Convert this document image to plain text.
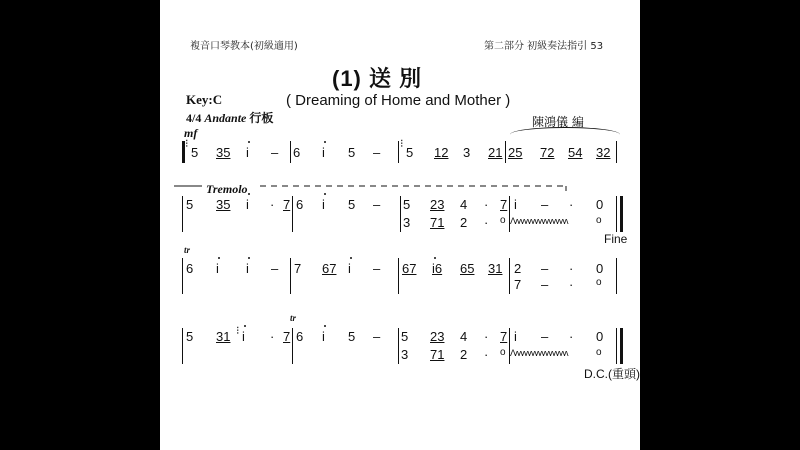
複音口琴教本(初級適用)	第二部分 初級奏法指引 53
(1) 送 別
( Dreaming of Home and Mother )
Key:C
4/4 Andante 行板	陳鴻儀 編
mf
⁝
5 35 i – 6 i 5 –
⁝
5 12 3 21 25 72 54 32
Tremolo
5 35 i · 7 6 i 5 – 5 23 4 · 7 i – · 0
3 71 2 · o Ʌʌʌʌʌʌʌʌʌʌʌʌʌʌʌʌ	o
Fine
tr
6 i i – 7 67 i – 67 i6 65 31 2 – · 0
7 – · o
tr
5 31 ⁝ i · 7 6 i 5 – 5 23 4 · 7 i – · 0
3 71 2 · o Ʌʌʌʌʌʌʌʌʌʌʌʌʌʌʌʌ	o
D.C.(重頭)
